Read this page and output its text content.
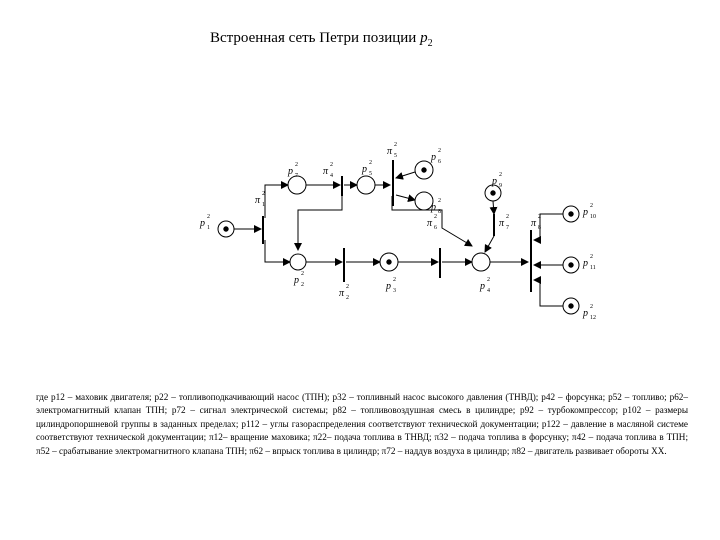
Встроенная сеть Петри позиции $p_2$
p
2
1
p
2
7
p
2
5
p
2
6
p
2
8
p
2
9
p
2
2	p
2
3	p
2
4
p
2
10
p
2
11
p
2
12
π
2
1
π
2
4
π
2
5
π
2
2
π
2
6	π
2
7 π
2
8
где p12 – маховик двигателя; p22 – топливоподкачивающий насос (ТПН); p32 – топливный насос высокого давления (ТНВД); p42 – форсунка; p52 – топливо; p62– электромагнитный клапан ТПН; p72 – сигнал электрической системы; p82 – топливовоздушная смесь в цилиндре; p92 – турбокомпрессор; p102 – размеры цилиндропоршневой группы в заданных пределах; p112 – углы газораспределения соответствуют технической документации; p122 – давление в масляной системе соответствуют технической документации; π12– вращение маховика; π22– подача топлива в ТНВД; π32 – подача топлива в форсунку; π42 – подача топлива в ТПН; π52 – срабатывание электромагнитного клапана ТПН; π62 – впрыск топлива в цилиндр; π72 – наддув воздуха в цилиндр; π82 – двигатель развивает обороты ХХ.
